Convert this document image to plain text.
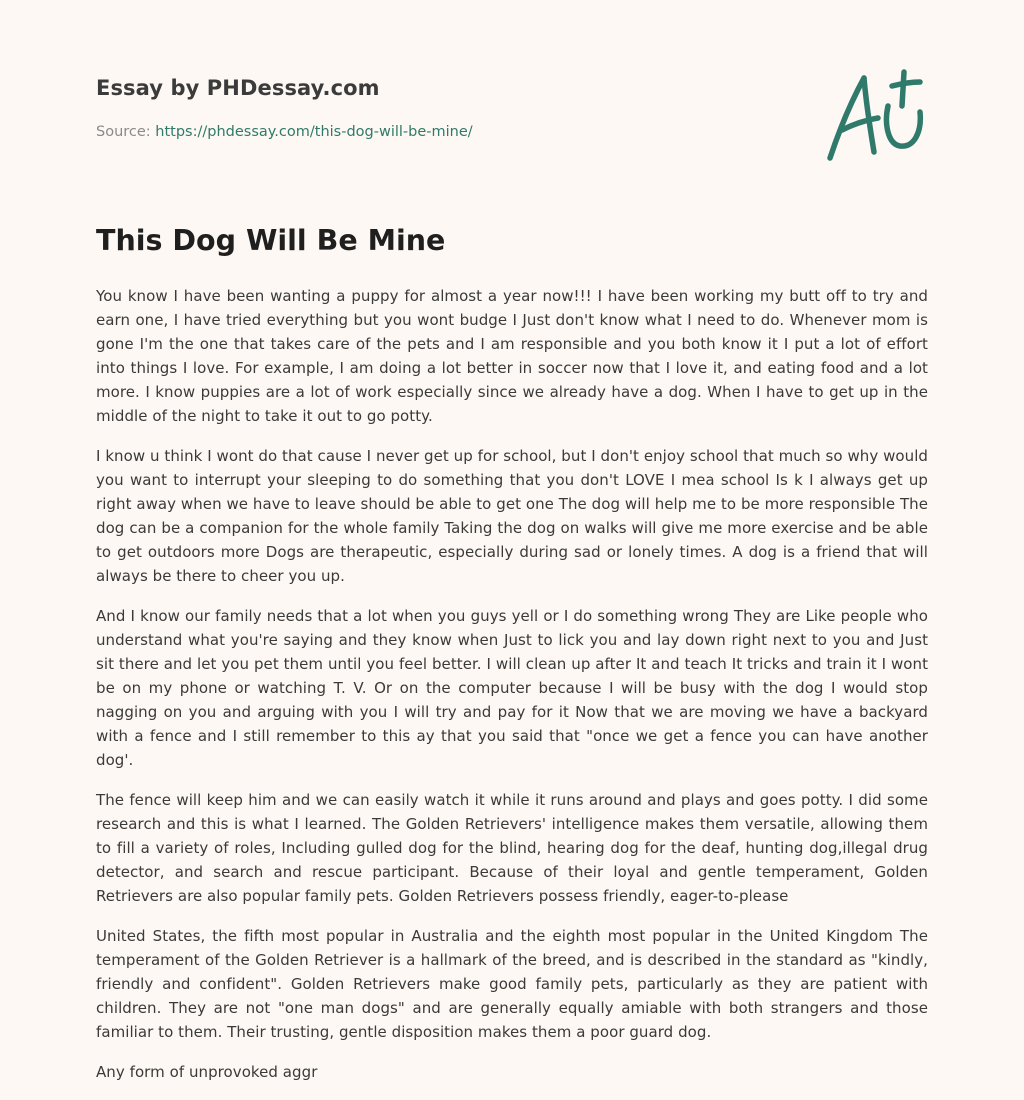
Essay by PHDessay.com
Source: https://phdessay.com/this-dog-will-be-mine/
This Dog Will Be Mine

You know I have been wanting a puppy for almost a year now!!! I have been working my butt off to try and earn one, I have tried everything but you wont budge I Just don't know what I need to do. Whenever mom is gone I'm the one that takes care of the pets and I am responsible and you both know it I put a lot of effort into things I love. For example, I am doing a lot better in soccer now that I love it, and eating food and a lot more. I know puppies are a lot of work especially since we already have a dog. When I have to get up in the middle of the night to take it out to go potty.

I know u think I wont do that cause I never get up for school, but I don't enjoy school that much so why would you want to interrupt your sleeping to do something that you don't LOVE I mea school Is k I always get up right away when we have to leave should be able to get one The dog will help me to be more responsible The dog can be a companion for the whole family Taking the dog on walks will give me more exercise and be able to get outdoors more Dogs are therapeutic, especially during sad or lonely times. A dog is a friend that will always be there to cheer you up.

And I know our family needs that a lot when you guys yell or I do something wrong They are Like people who understand what you're saying and they know when Just to lick you and lay down right next to you and Just sit there and let you pet them until you feel better. I will clean up after It and teach It tricks and train it I wont be on my phone or watching T. V. Or on the computer because I will be busy with the dog I would stop nagging on you and arguing with you I will try and pay for it Now that we are moving we have a backyard with a fence and I still remember to this ay that you said that "once we get a fence you can have another dog'.

The fence will keep him and we can easily watch it while it runs around and plays and goes potty. I did some research and this is what I learned. The Golden Retrievers' intelligence makes them versatile, allowing them to fill a variety of roles, Including gulled dog for the blind, hearing dog for the deaf, hunting dog,illegal drug detector, and search and rescue participant. Because of their loyal and gentle temperament, Golden Retrievers are also popular family pets. Golden Retrievers possess friendly, eager-to-please

United States, the fifth most popular in Australia and the eighth most popular in the United Kingdom The temperament of the Golden Retriever is a hallmark of the breed, and is described in the standard as "kindly, friendly and confident". Golden Retrievers make good family pets, particularly as they are patient with children. They are not "one man dogs" and are generally equally amiable with both strangers and those familiar to them. Their trusting, gentle disposition makes them a poor guard dog.

Any form of unprovoked aggr
